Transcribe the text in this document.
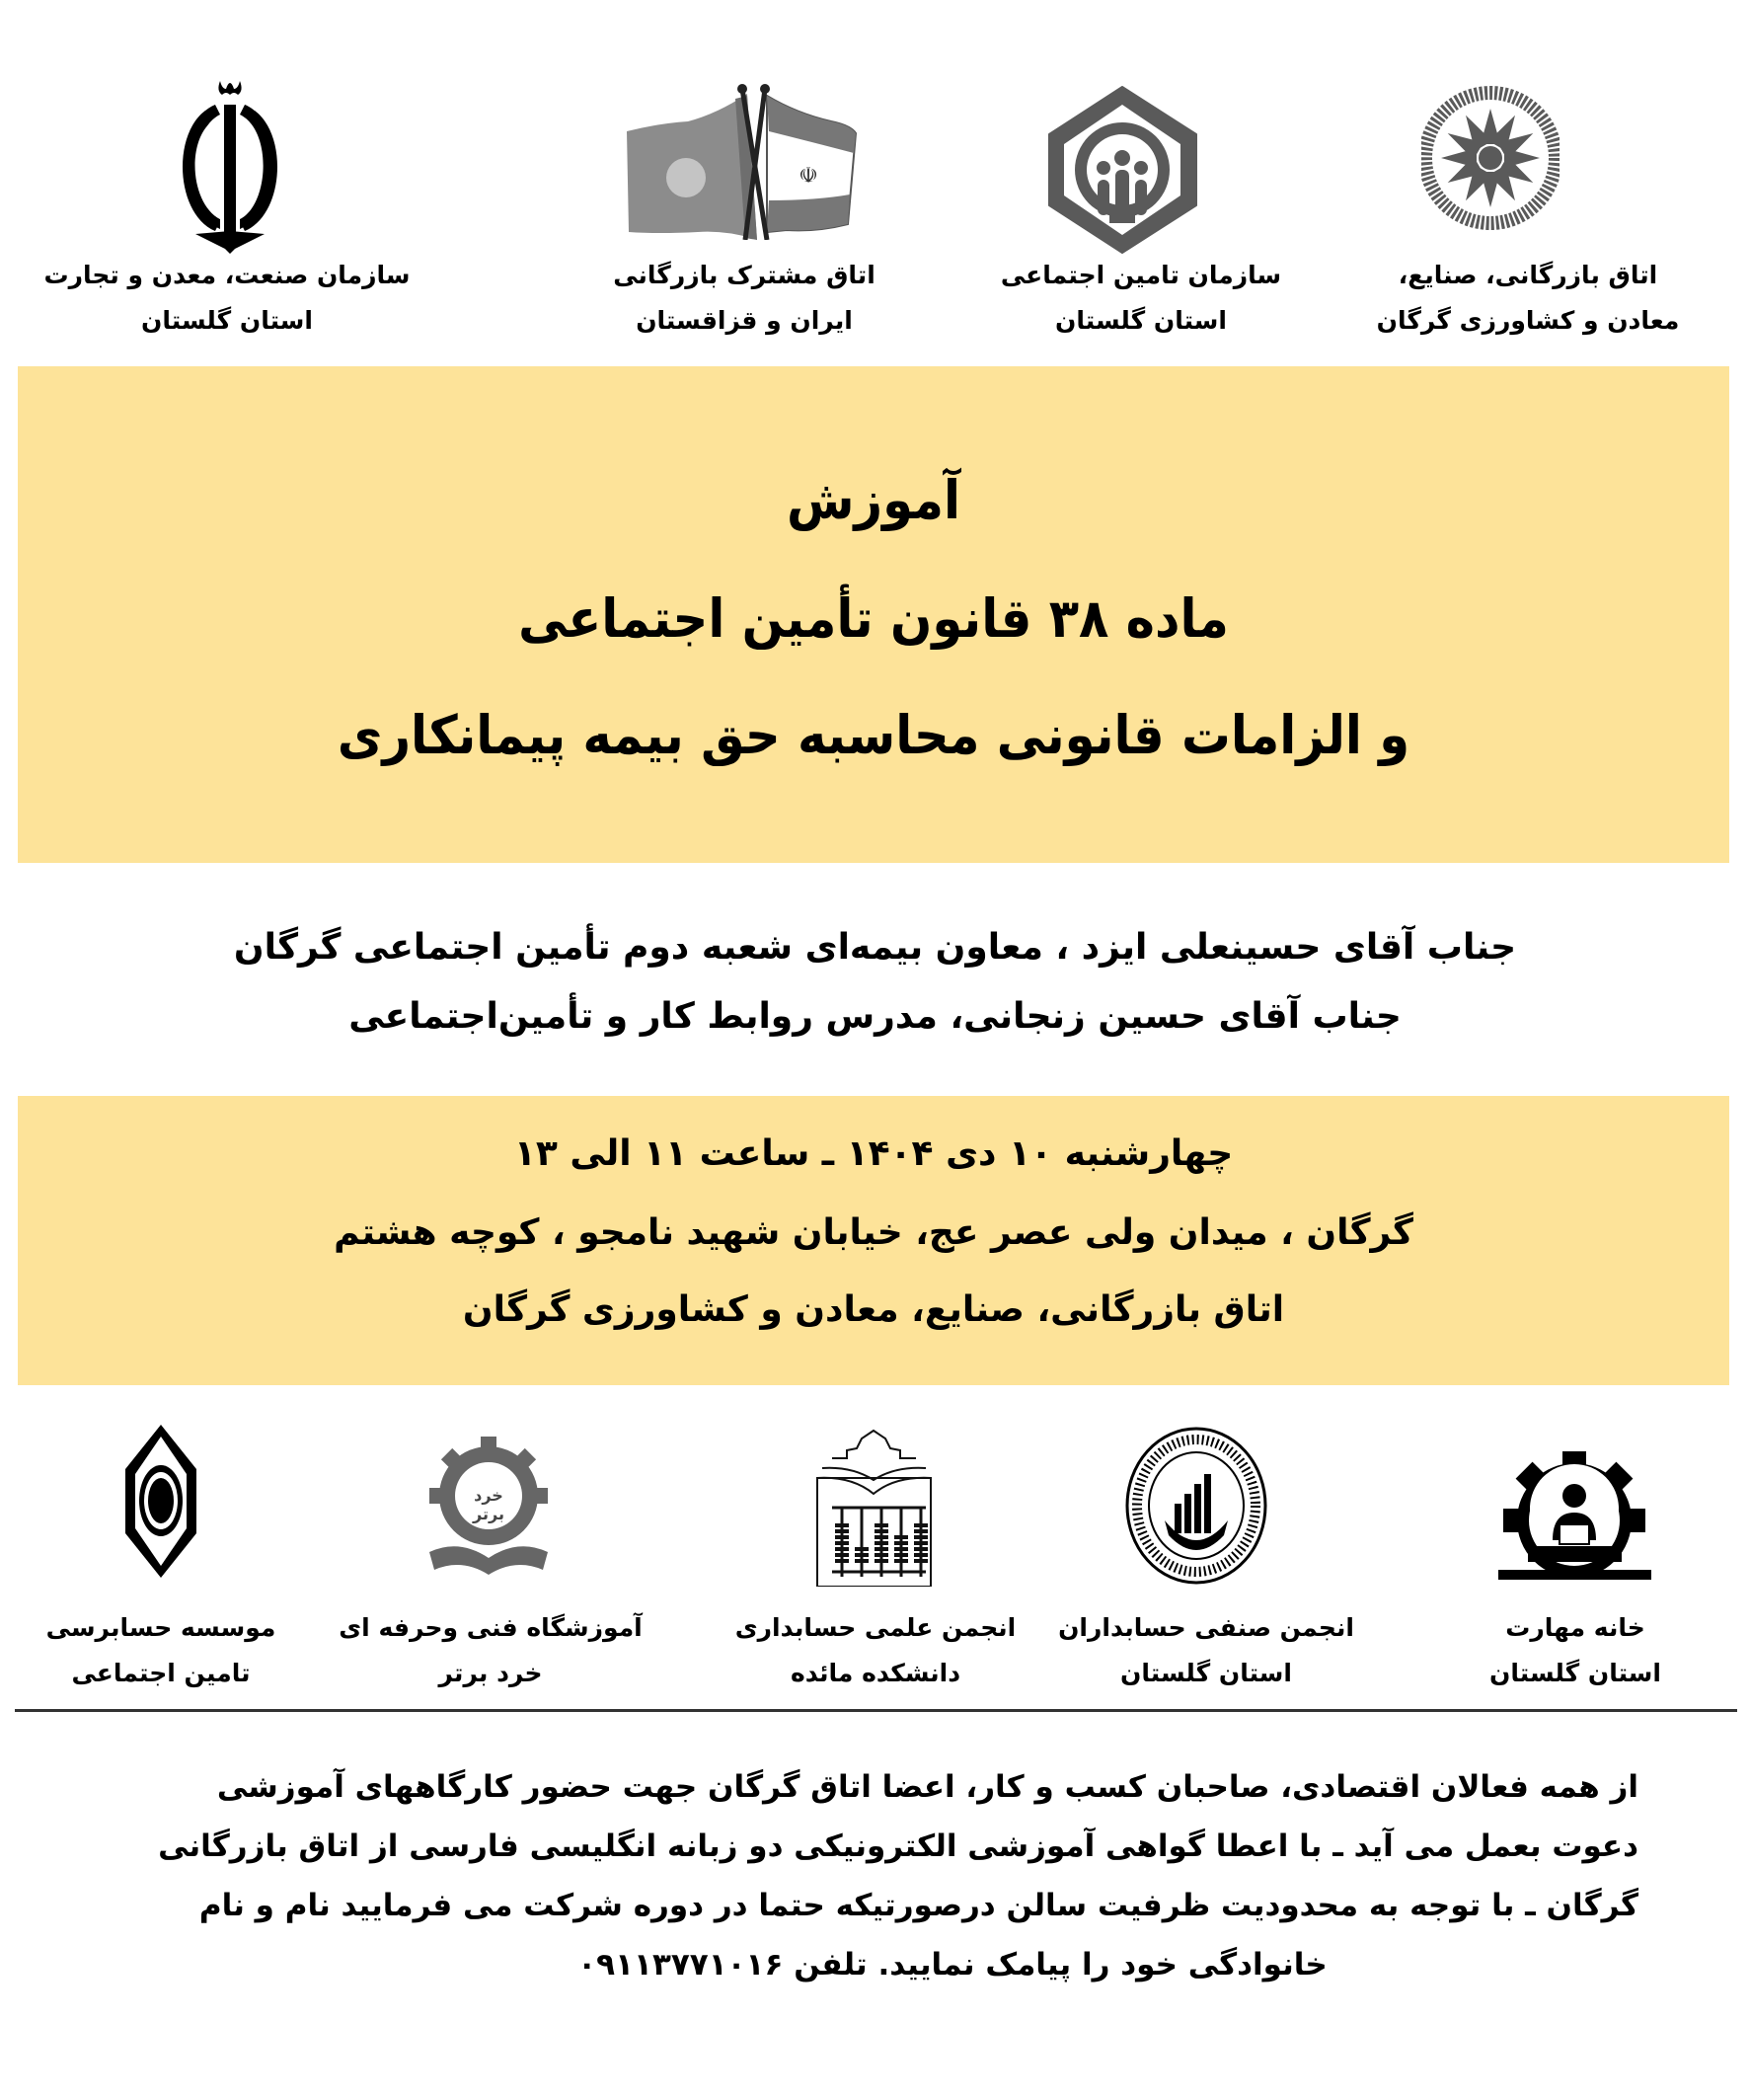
سازمان صنعت، معدن و تجارت
استان گلستان
☫
اتاق مشترک بازرگانی
ایران و قزاقستان
سازمان تامین اجتماعی
استان گلستان
اتاق بازرگانی، صنایع،
معادن و کشاورزی گرگان
آموزش
ماده ۳۸ قانون تأمین اجتماعی
و الزامات قانونی محاسبه حق بیمه پیمانکاری
جناب آقای حسینعلی ایزد ، معاون بیمه‌ای شعبه دوم تأمین اجتماعی گرگان
جناب آقای حسین زنجانی، مدرس روابط کار و تأمین‌اجتماعی
چهارشنبه ۱۰ دی ۱۴۰۴ ـ ساعت ۱۱ الی ۱۳
گرگان ، میدان ولی عصر عج، خیابان شهید نامجو ، کوچه هشتم
اتاق بازرگانی، صنایع، معادن و کشاورزی گرگان
موسسه حسابرسی
تامین اجتماعی
خرد برتر
آموزشگاه فنی وحرفه ای
خرد برتر
انجمن علمی حسابداری
دانشکده مائده
انجمن صنفی حسابداران
استان گلستان
خانه مهارت
استان گلستان
از همه فعالان اقتصادی، صاحبان کسب و کار، اعضا اتاق گرگان جهت حضور کارگاههای آموزشی
دعوت بعمل می آید ـ با اعطا گواهی آموزشی الکترونیکی دو زبانه انگلیسی فارسی از اتاق بازرگانی
گرگان ـ با توجه به محدودیت ظرفیت سالن درصورتیکه حتما در دوره شرکت می فرمایید نام و نام
خانوادگی خود را پیامک نمایید. تلفن ۰۹۱۱۳۷۷۱۰۱۶
